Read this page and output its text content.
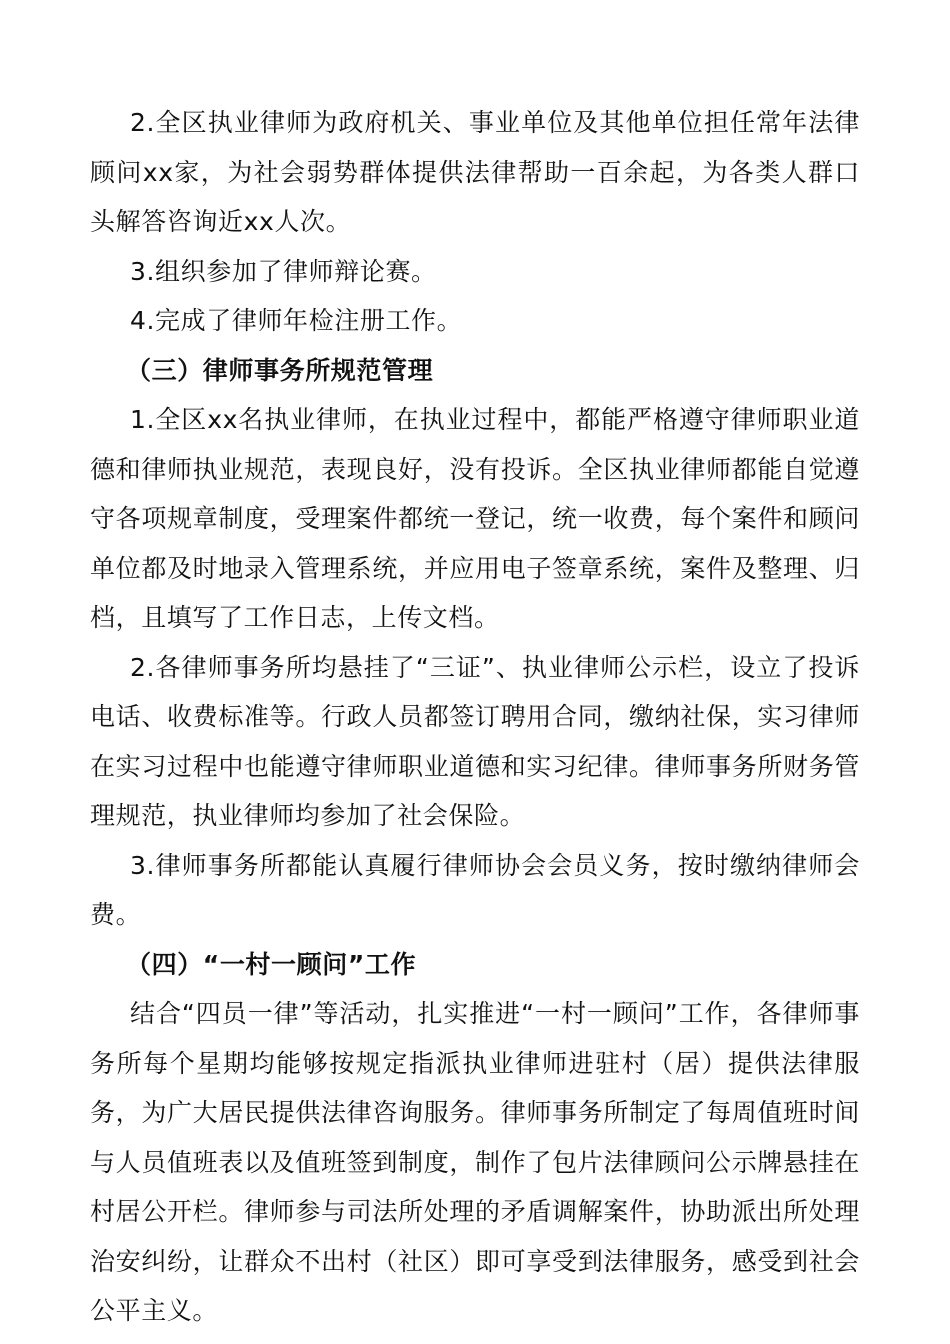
2.全区执业律师为政府机关、事业单位及其他单位担任常年法律顾问xx家，为社会弱势群体提供法律帮助一百余起，为各类人群口头解答咨询近xx人次。

3.组织参加了律师辩论赛。

4.完成了律师年检注册工作。

（三）律师事务所规范管理

1.全区xx名执业律师，在执业过程中，都能严格遵守律师职业道德和律师执业规范，表现良好，没有投诉。全区执业律师都能自觉遵守各项规章制度，受理案件都统一登记，统一收费，每个案件和顾问单位都及时地录入管理系统，并应用电子签章系统，案件及整理、归档，且填写了工作日志，上传文档。

2.各律师事务所均悬挂了“三证”、执业律师公示栏，设立了投诉电话、收费标准等。行政人员都签订聘用合同，缴纳社保，实习律师在实习过程中也能遵守律师职业道德和实习纪律。律师事务所财务管理规范，执业律师均参加了社会保险。

3.律师事务所都能认真履行律师协会会员义务，按时缴纳律师会费。

（四）“一村一顾问”工作

结合“四员一律”等活动，扎实推进“一村一顾问”工作，各律师事务所每个星期均能够按规定指派执业律师进驻村（居）提供法律服务，为广大居民提供法律咨询服务。律师事务所制定了每周值班时间与人员值班表以及值班签到制度，制作了包片法律顾问公示牌悬挂在村居公开栏。律师参与司法所处理的矛盾调解案件，协助派出所处理治安纠纷，让群众不出村（社区）即可享受到法律服务，感受到社会公平主义。
